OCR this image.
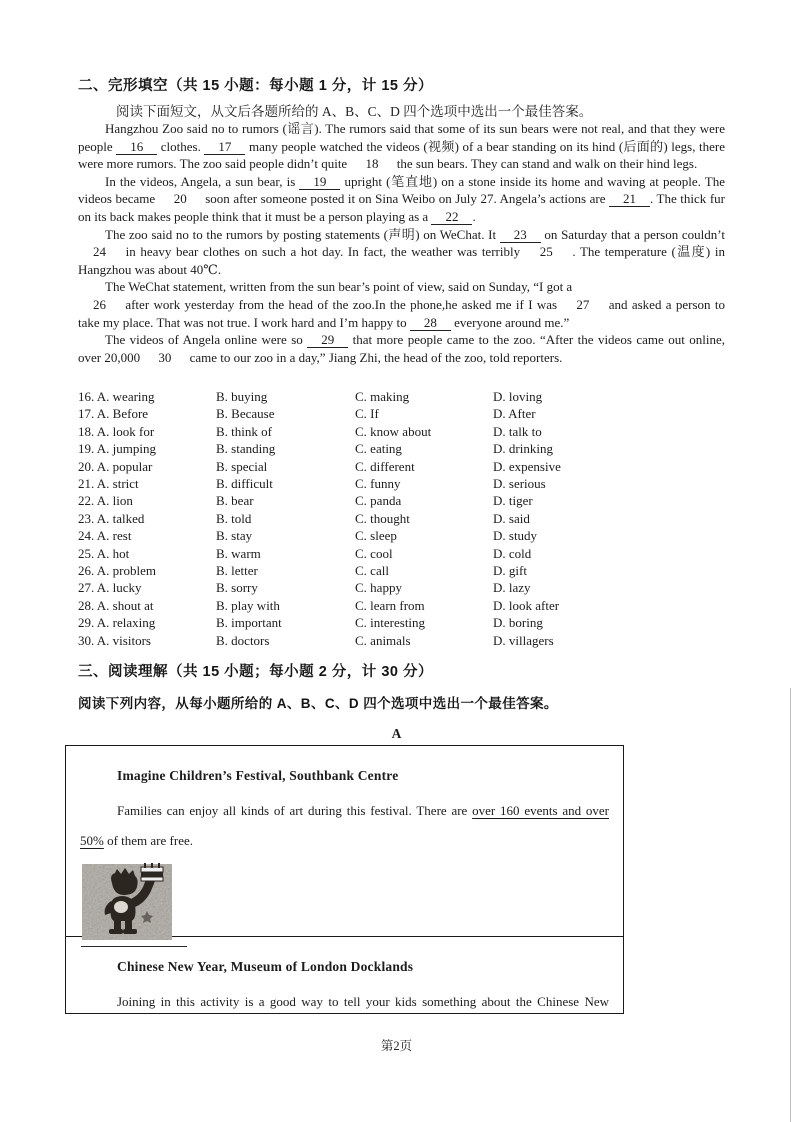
二、完形填空（共 15 小题：每小题 1 分，计 15 分）
阅读下面短文，从文后各题所给的 A、B、C、D 四个选项中选出一个最佳答案。

Hangzhou Zoo said no to rumors (谣言). The rumors said that some of its sun bears were not real, and that they were people 16 clothes. 17 many people watched the videos (视频) of a bear standing on its hind (后面的) legs, there were more rumors. The zoo said people didn’t quite 18 the sun bears. They can stand and walk on their hind legs.

In the videos, Angela, a sun bear, is 19 upright (笔直地) on a stone inside its home and waving at people. The videos became 20 soon after someone posted it on Sina Weibo on July 27. Angela’s actions are 21 . The thick fur on its back makes people think that it must be a person playing as a 22 .

The zoo said no to the rumors by posting statements (声明) on WeChat. It 23 on Saturday that a person couldn’t 24 in heavy bear clothes on such a hot day. In fact, the weather was terribly 25 . The temperature (温度) in Hangzhou was about 40℃.

The WeChat statement, written from the sun bear’s point of view, said on Sunday, “I got a
26 after work yesterday from the head of the zoo.In the phone,he asked me if I was 27 and asked a person to take my place. That was not true. I work hard and I’m happy to 28 everyone around me.”

The videos of Angela online were so 29 that more people came to the zoo. “After the videos came out online, over 20,000 30 came to our zoo in a day,” Jiang Zhi, the head of the zoo, told reporters.

16. A. wearing	B. buying	C. making	D. loving
17. A. Before	B. Because	C. If	D. After
18. A. look for	B. think of	C. know about	D. talk to
19. A. jumping	B. standing	C. eating	D. drinking
20. A. popular	B. special	C. different	D. expensive
21. A. strict	B. difficult	C. funny	D. serious
22. A. lion	B. bear	C. panda	D. tiger
23. A. talked	B. told	C. thought	D. said
24. A. rest	B. stay	C. sleep	D. study
25. A. hot	B. warm	C. cool	D. cold
26. A. problem	B. letter	C. call	D. gift
27. A. lucky	B. sorry	C. happy	D. lazy
28. A. shout at	B. play with	C. learn from	D. look after
29. A. relaxing	B. important	C. interesting	D. boring
30. A. visitors	B. doctors	C. animals	D. villagers
三、阅读理解（共 15 小题；每小题 2 分，计 30 分）
阅读下列内容，从每小题所给的 A、B、C、D 四个选项中选出一个最佳答案。
A
Imagine Children’s Festival, Southbank Centre

Families can enjoy all kinds of art during this festival. There are over 160 events and over 50% of them are free.

Chinese New Year, Museum of London Docklands

Joining in this activity is a good way to tell your kids something about the Chinese New

第2页
